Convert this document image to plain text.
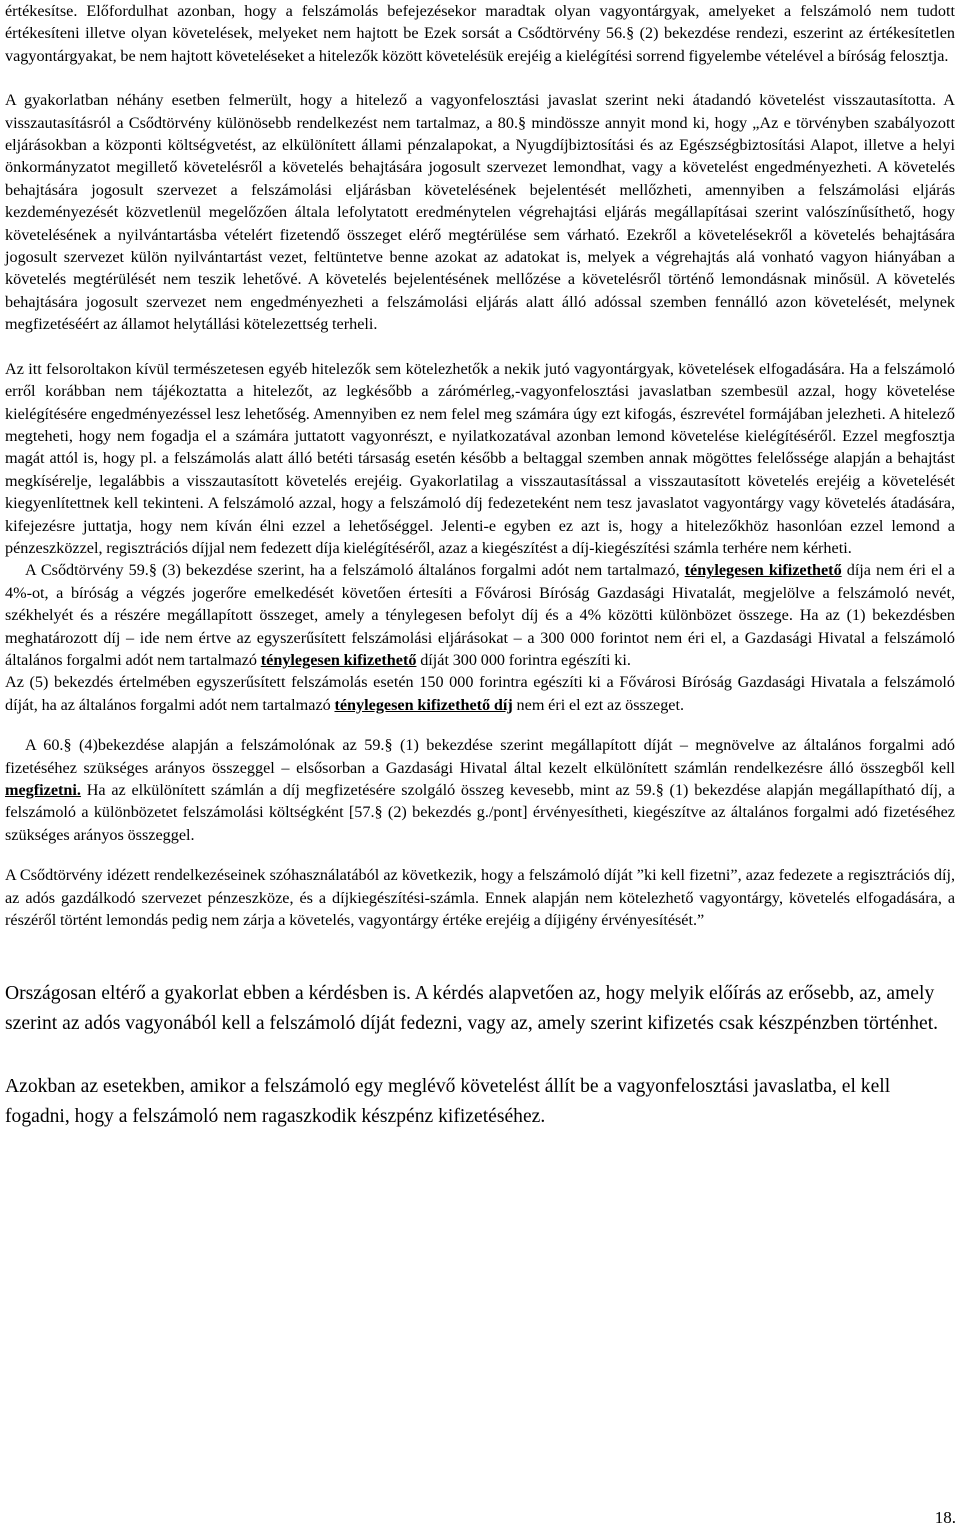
értékesítse. Előfordulhat azonban, hogy a felszámolás befejezésekor maradtak olyan vagyontárgyak, amelyeket a felszámoló nem tudott értékesíteni illetve olyan követelések, melyeket nem hajtott be Ezek sorsát a Csődtörvény 56.§ (2) bekezdése rendezi, eszerint az értékesítetlen vagyontárgyakat, be nem hajtott követeléseket a hitelezők között követelésük erejéig a kielégítési sorrend figyelembe vételével a bíróság felosztja.

A gyakorlatban néhány esetben felmerült, hogy a hitelező a vagyonfelosztási javaslat szerint neki átadandó követelést visszautasította. A visszautasításról a Csődtörvény különösebb rendelkezést nem tartalmaz, a 80.§ mindössze annyit mond ki, hogy „Az e törvényben szabályozott eljárásokban a központi költségvetést, az elkülönített állami pénzalapokat, a Nyugdíjbiztosítási és az Egészségbiztosítási Alapot, illetve a helyi önkormányzatot megillető követelésről a követelés behajtására jogosult szervezet lemondhat, vagy a követelést engedményezheti. A követelés behajtására jogosult szervezet a felszámolási eljárásban követelésének bejelentését mellőzheti, amennyiben a felszámolási eljárás kezdeményezését közvetlenül megelőzően általa lefolytatott eredménytelen végrehajtási eljárás megállapításai szerint valószínűsíthető, hogy követelésének a nyilvántartásba vételért fizetendő összeget elérő megtérülése sem várható. Ezekről a követelésekről a követelés behajtására jogosult szervezet külön nyilvántartást vezet, feltüntetve benne azokat az adatokat is, melyek a végrehajtás alá vonható vagyon hiányában a követelés megtérülését nem teszik lehetővé. A követelés bejelentésének mellőzése a követelésről történő lemondásnak minősül. A követelés behajtására jogosult szervezet nem engedményezheti a felszámolási eljárás alatt álló adóssal szemben fennálló azon követelését, melynek megfizetéséért az államot helytállási kötelezettség terheli.

Az itt felsoroltakon kívül természetesen egyéb hitelezők sem kötelezhetők a nekik jutó vagyontárgyak, követelések elfogadására. Ha a felszámoló erről korábban nem tájékoztatta a hitelezőt, az legkésőbb a zárómérleg,-vagyonfelosztási javaslatban szembesül azzal, hogy követelése kielégítésére engedményezéssel lesz lehetőség. Amennyiben ez nem felel meg számára úgy ezt kifogás, észrevétel formájában jelezheti. A hitelező megteheti, hogy nem fogadja el a számára juttatott vagyonrészt, e nyilatkozatával azonban lemond követelése kielégítéséről. Ezzel megfosztja magát attól is, hogy pl. a felszámolás alatt álló betéti társaság esetén később a beltaggal szemben annak mögöttes felelőssége alapján a behajtást megkísérelje, legalábbis a visszautasított követelés erejéig. Gyakorlatilag a visszautasítással a visszautasított követelés erejéig a követelését kiegyenlítettnek kell tekinteni. A felszámoló azzal, hogy a felszámoló díj fedezeteként nem tesz javaslatot vagyontárgy vagy követelés átadására, kifejezésre juttatja, hogy nem kíván élni ezzel a lehetőséggel. Jelenti-e egyben ez azt is, hogy a hitelezőkhöz hasonlóan ezzel lemond a pénzeszközzel, regisztrációs díjjal nem fedezett díja kielégítéséről, azaz a kiegészítést a díj-kiegészítési számla terhére nem kérheti.

A Csődtörvény 59.§ (3) bekezdése szerint, ha a felszámoló általános forgalmi adót nem tartalmazó, ténylegesen kifizethető díja nem éri el a 4%-ot, a bíróság a végzés jogerőre emelkedését követően értesíti a Fővárosi Bíróság Gazdasági Hivatalát, megjelölve a felszámoló nevét, székhelyét és a részére megállapított összeget, amely a ténylegesen befolyt díj és a 4% közötti különbözet összege. Ha az (1) bekezdésben meghatározott díj – ide nem értve az egyszerűsített felszámolási eljárásokat – a 300 000 forintot nem éri el, a Gazdasági Hivatal a felszámoló általános forgalmi adót nem tartalmazó ténylegesen kifizethető díját 300 000 forintra egészíti ki.

Az (5) bekezdés értelmében egyszerűsített felszámolás esetén 150 000 forintra egészíti ki a Fővárosi Bíróság Gazdasági Hivatala a felszámoló díját, ha az általános forgalmi adót nem tartalmazó ténylegesen kifizethető díj nem éri el ezt az összeget.

A 60.§ (4)bekezdése alapján a felszámolónak az 59.§ (1) bekezdése szerint megállapított díját – megnövelve az általános forgalmi adó fizetéséhez szükséges arányos összeggel – elsősorban a Gazdasági Hivatal által kezelt elkülönített számlán rendelkezésre álló összegből kell megfizetni. Ha az elkülönített számlán a díj megfizetésére szolgáló összeg kevesebb, mint az 59.§ (1) bekezdése alapján megállapítható díj, a felszámoló a különbözetet felszámolási költségként [57.§ (2) bekezdés g./pont] érvényesítheti, kiegészítve az általános forgalmi adó fizetéséhez szükséges arányos összeggel.

A Csődtörvény idézett rendelkezéseinek szóhasználatából az következik, hogy a felszámoló díját ”ki kell fizetni”, azaz fedezete a regisztrációs díj, az adós gazdálkodó szervezet pénzeszköze, és a díjkiegészítési-számla. Ennek alapján nem kötelezhető vagyontárgy, követelés elfogadására, a részéről történt lemondás pedig nem zárja a követelés, vagyontárgy értéke erejéig a díjigény érvényesítését.”

Országosan eltérő a gyakorlat ebben a kérdésben is. A kérdés alapvetően az, hogy melyik előírás az erősebb, az, amely szerint az adós vagyonából kell a felszámoló díját fedezni, vagy az, amely szerint kifizetés csak készpénzben történhet.

Azokban az esetekben, amikor a felszámoló egy meglévő követelést állít be a vagyonfelosztási javaslatba, el kell fogadni, hogy a felszámoló nem ragaszkodik készpénz kifizetéséhez.

18.
